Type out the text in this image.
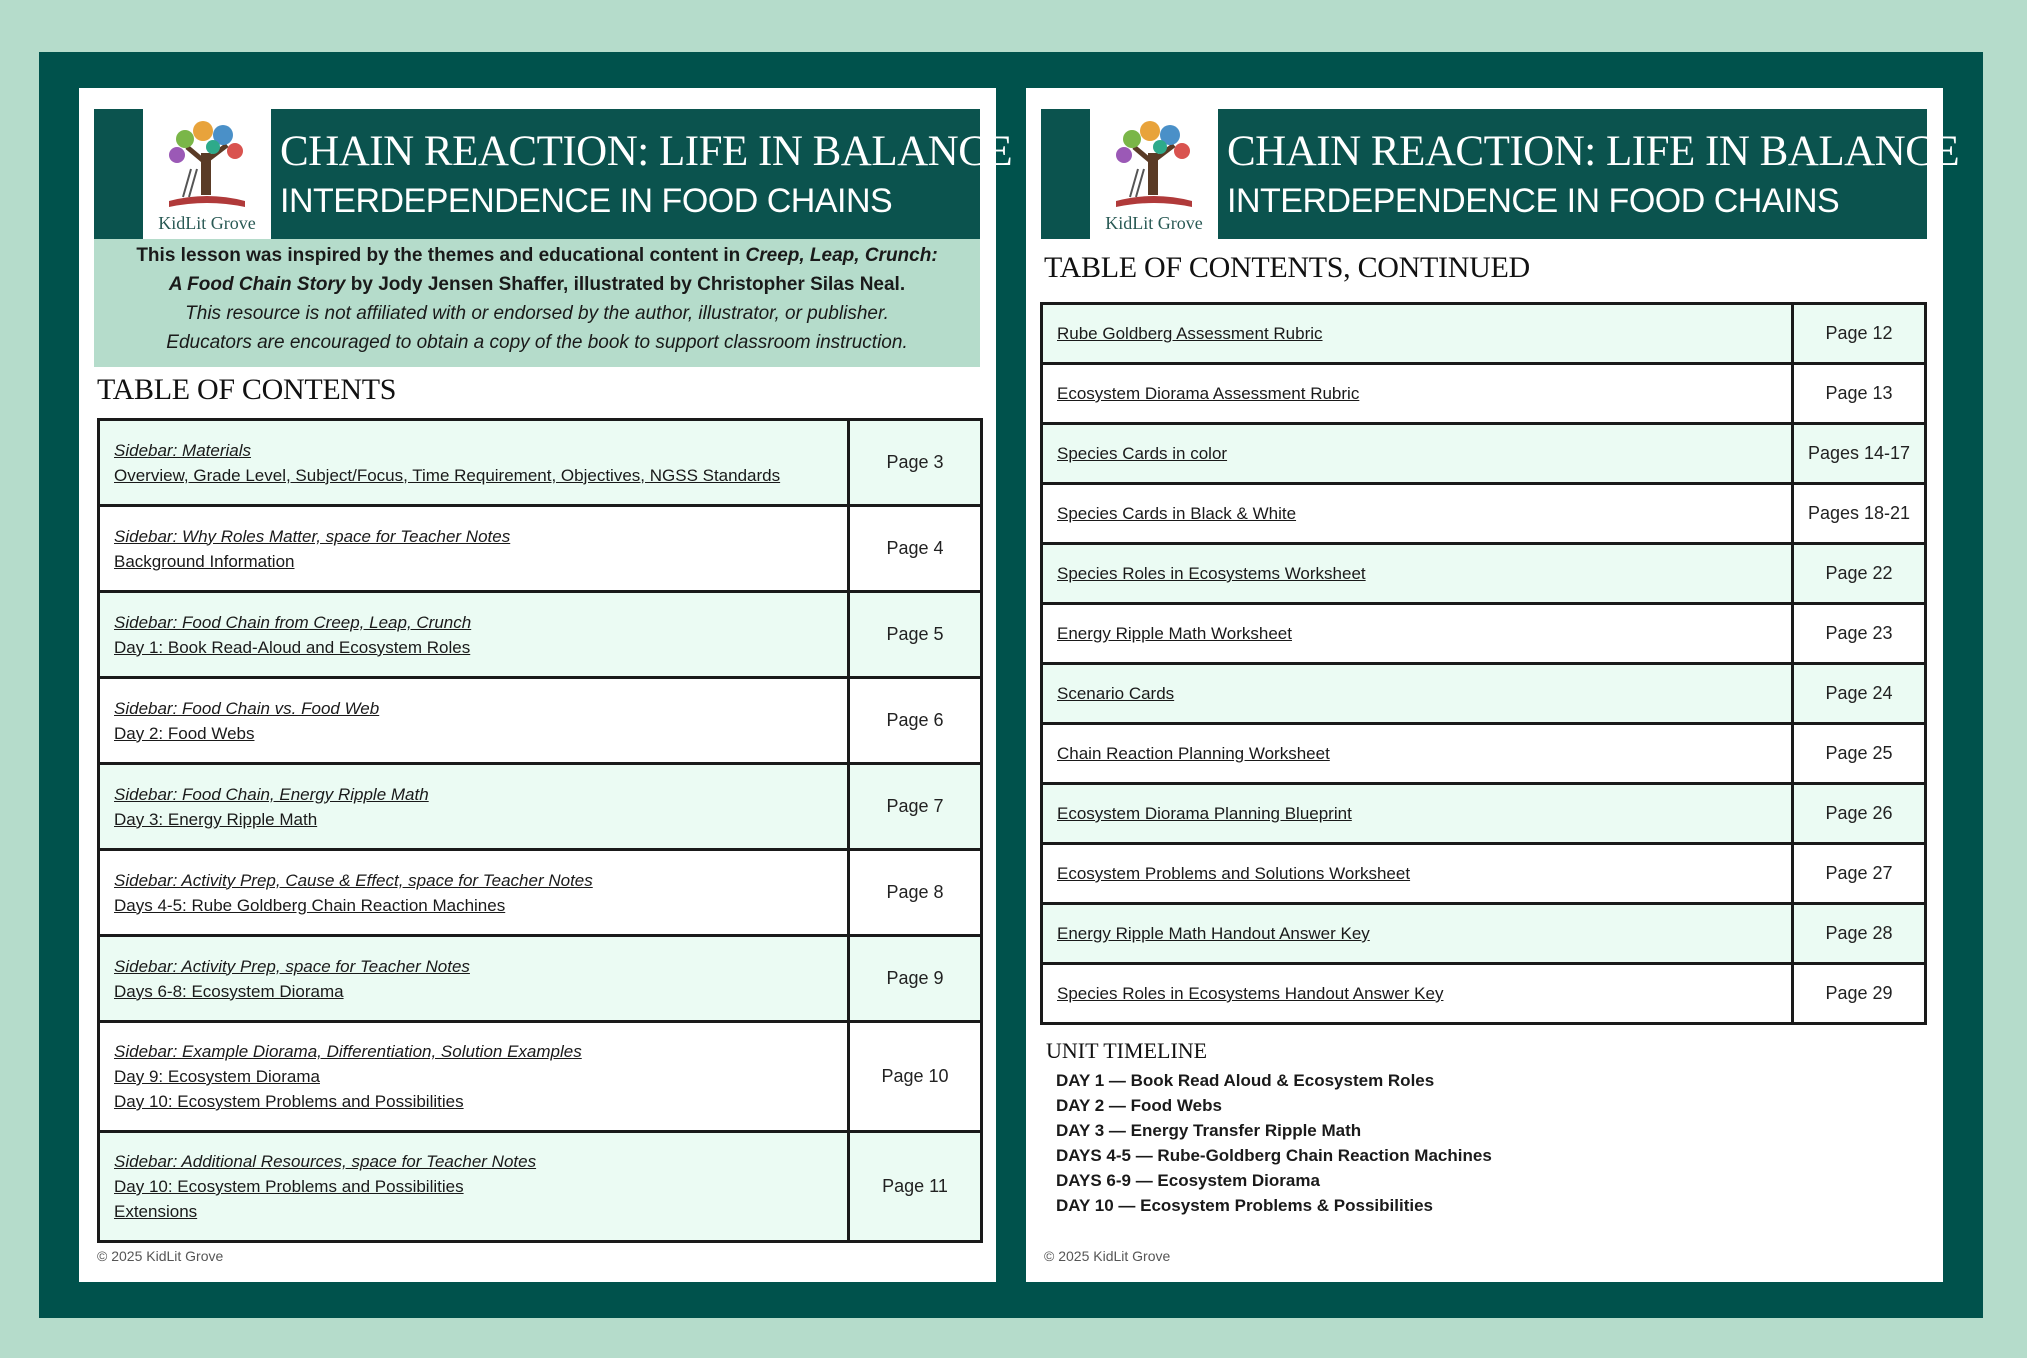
KidLit Grove
CHAIN REACTION: LIFE IN BALANCE
INTERDEPENDENCE IN FOOD CHAINS
This lesson was inspired by the themes and educational content in Creep, Leap, Crunch:
A Food Chain Story by Jody Jensen Shaffer, illustrated by Christopher Silas Neal.
This resource is not affiliated with or endorsed by the author, illustrator, or publisher.
Educators are encouraged to obtain a copy of the book to support classroom instruction.
TABLE OF CONTENTS
Sidebar: Materials
Overview, Grade Level, Subject/Focus, Time Requirement, Objectives, NGSS Standards	Page 3

Sidebar: Why Roles Matter, space for Teacher Notes
Background Information	Page 4

Sidebar: Food Chain from Creep, Leap, Crunch
Day 1: Book Read-Aloud and Ecosystem Roles	Page 5

Sidebar: Food Chain vs. Food Web
Day 2: Food Webs	Page 6

Sidebar: Food Chain, Energy Ripple Math
Day 3: Energy Ripple Math	Page 7

Sidebar: Activity Prep, Cause & Effect, space for Teacher Notes
Days 4-5: Rube Goldberg Chain Reaction Machines	Page 8

Sidebar: Activity Prep, space for Teacher Notes
Days 6-8: Ecosystem Diorama	Page 9

Sidebar: Example Diorama, Differentiation, Solution Examples
Day 9: Ecosystem Diorama
Day 10: Ecosystem Problems and Possibilities	Page 10

Sidebar: Additional Resources, space for Teacher Notes
Day 10: Ecosystem Problems and Possibilities
Extensions	Page 11
© 2025 KidLit Grove
KidLit Grove
CHAIN REACTION: LIFE IN BALANCE
INTERDEPENDENCE IN FOOD CHAINS
TABLE OF CONTENTS, CONTINUED
Rube Goldberg Assessment Rubric	Page 12

Ecosystem Diorama Assessment Rubric	Page 13

Species Cards in color	Pages 14-17

Species Cards in Black & White	Pages 18-21

Species Roles in Ecosystems Worksheet	Page 22

Energy Ripple Math Worksheet	Page 23

Scenario Cards	Page 24

Chain Reaction Planning Worksheet	Page 25

Ecosystem Diorama Planning Blueprint	Page 26

Ecosystem Problems and Solutions Worksheet	Page 27

Energy Ripple Math Handout Answer Key	Page 28

Species Roles in Ecosystems Handout Answer Key	Page 29
UNIT TIMELINE
DAY 1 — Book Read Aloud & Ecosystem Roles
DAY 2 — Food Webs
DAY 3 — Energy Transfer Ripple Math
DAYS 4-5 — Rube-Goldberg Chain Reaction Machines
DAYS 6-9 — Ecosystem Diorama
DAY 10 — Ecosystem Problems & Possibilities
© 2025 KidLit Grove
